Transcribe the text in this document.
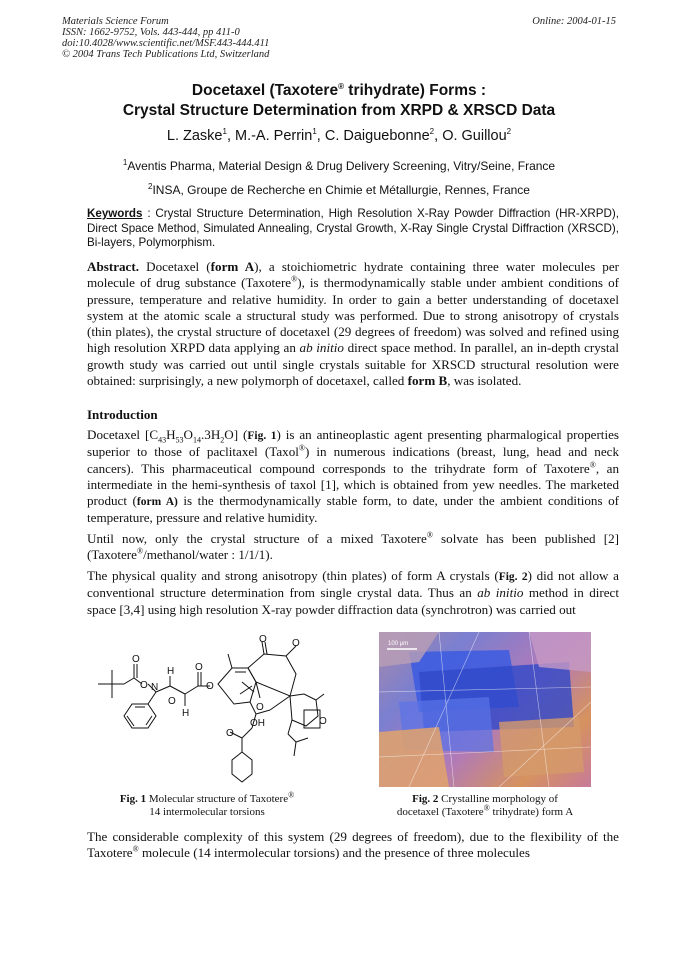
Materials Science Forum
ISSN: 1662-9752, Vols. 443-444, pp 411-0
doi:10.4028/www.scientific.net/MSF.443-444.411
© 2004 Trans Tech Publications Ltd, Switzerland
Online: 2004-01-15
Docetaxel (Taxotere® trihydrate) Forms :
Crystal Structure Determination from XRPD & XRSCD Data
L. Zaske$^1$, M.-A. Perrin$^1$, C. Daiguebonne$^2$, O. Guillou$^2$
$^1$Aventis Pharma, Material Design & Drug Delivery Screening, Vitry/Seine, France
$^2$INSA, Groupe de Recherche en Chimie et Métallurgie, Rennes, France
Keywords : Crystal Structure Determination, High Resolution X-Ray Powder Diffraction (HR-XRPD), Direct Space Method, Simulated Annealing, Crystal Growth, X-Ray Single Crystal Diffraction (XRSCD), Bi-layers, Polymorphism.
Abstract. Docetaxel (form A), a stoichiometric hydrate containing three water molecules per molecule of drug substance (Taxotere®), is thermodynamically stable under ambient conditions of pressure, temperature and relative humidity. In order to gain a better understanding of docetaxel system at the atomic scale a structural study was performed. Due to strong anisotropy of crystals (thin plates), the crystal structure of docetaxel (29 degrees of freedom) was solved and refined using high resolution XRPD data applying an ab initio direct space method. In parallel, an in-depth crystal growth study was carried out until single crystals suitable for XRSCD structural resolution were obtained: surprisingly, a new polymorph of docetaxel, called form B, was isolated.
Introduction
Docetaxel $[C_{43}H_{53}O_{14}.3H_2O]$ (Fig. 1) is an antineoplastic agent presenting pharmalogical properties superior to those of paclitaxel (Taxol®) in numerous indications (breast, lung, head and neck cancers). This pharmaceutical compound corresponds to the trihydrate form of Taxotere®, an intermediate in the hemi-synthesis of taxol [1], which is obtained from yew needles. The marketed product (form A) is the thermodynamically stable form, to date, under the ambient conditions of temperature, pressure and relative humidity.
Until now, only the crystal structure of a mixed Taxotere® solvate has been published [2] (Taxotere®/methanol/water : 1/1/1).
The physical quality and strong anisotropy (thin plates) of form A crystals (Fig. 2) did not allow a conventional structure determination from single crystal data. Thus an ab initio method in direct space [3,4] using high resolution X-ray powder diffraction data (synchrotron) was carried out
O
O N
H O
O
O
H
O
O
OH
O
O
O
100 µm
Fig. 1 Molecular structure of Taxotere®
14 intermolecular torsions
Fig. 2 Crystalline morphology of
docetaxel (Taxotere® trihydrate) form A
The considerable complexity of this system (29 degrees of freedom), due to the flexibility of the Taxotere® molecule (14 intermolecular torsions) and the presence of three molecules
